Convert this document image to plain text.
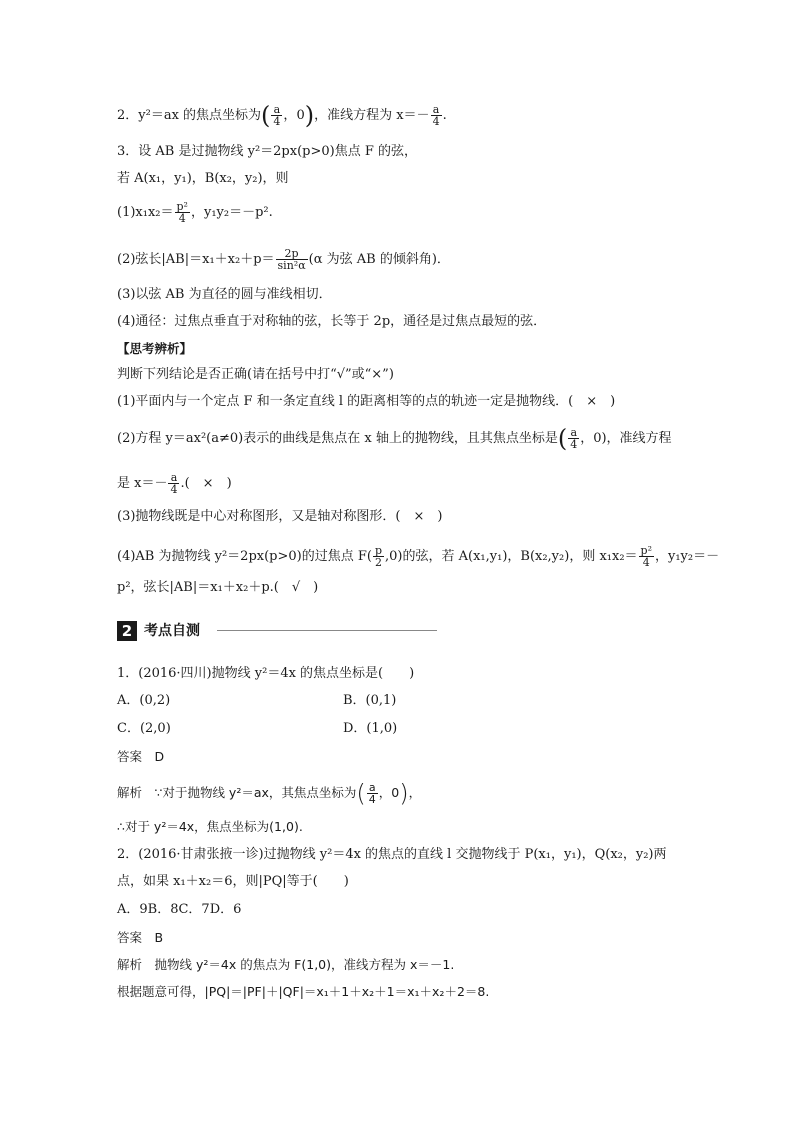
2．y²＝ax 的焦点坐标为( $\frac{a}{4}$ ，0)，准线方程为 $x=- \frac{a}{4}$ .
3．设 AB 是过抛物线 y²＝2px(p>0)焦点 F 的弦，
若 A(x₁，y₁)，B(x₂，y₂)，则
$(1)x_1x_2= \frac{\text{p²}}{4}$ ，y₁y₂＝－p².
(2)弦长$|AB|=x_1+x_2+p= \frac{2p}{\text{sin²α}} (\alpha$ 为弦 AB 的倾斜角)．
(3)以弦 AB 为直径的圆与准线相切．
(4)通径：过焦点垂直于对称轴的弦，长等于 2p，通径是过焦点最短的弦．
【思考辨析】
判断下列结论是否正确(请在括号中打“√”或“×”)
(1)平面内与一个定点 F 和一条定直线 l 的距离相等的点的轨迹一定是抛物线．(　×　)
(2)方程 y＝ax²(a≠0)表示的曲线是焦点在 x 轴上的抛物线，且其焦点坐标是( $\frac{a}{4}$ ，0)，准线方程
是 $x=- \frac{a}{4}$ .(　×　)
(3)抛物线既是中心对称图形，又是轴对称图形．(　×　)
(4)AB 为抛物线 y²＝2px(p>0)的过焦点 $F( \frac{p}{2} ,0)$的弦，若 A(x₁,y₁)，B(x₂,y₂)，则 $x_1x_2= \frac{\text{p²}}{4}$ ，y₁y₂＝－
p²，弦长|AB|＝x₁＋x₂＋p.(　√　)
2 考点自测
1．(2016·四川)抛物线 y²＝4x 的焦点坐标是(　　)
A．(0,2)	B．(0,1)
C．(2,0)	D．(1,0)
答案　D
解析　∵对于抛物线 y²＝ax，其焦点坐标为( $\frac{a}{4}$ ，0)，
∴对于 y²＝4x，焦点坐标为(1,0).
2．(2016·甘肃张掖一诊)过抛物线 y²＝4x 的焦点的直线 l 交抛物线于 P(x₁，y₁)，Q(x₂，y₂)两
点，如果 x₁＋x₂＝6，则|PQ|等于(　　)
A．9B．8C．7D．6
答案　B
解析　抛物线 y²＝4x 的焦点为 F(1,0)，准线方程为 x＝－1.
根据题意可得，|PQ|＝|PF|＋|QF|＝x₁＋1＋x₂＋1＝x₁＋x₂＋2＝8.
